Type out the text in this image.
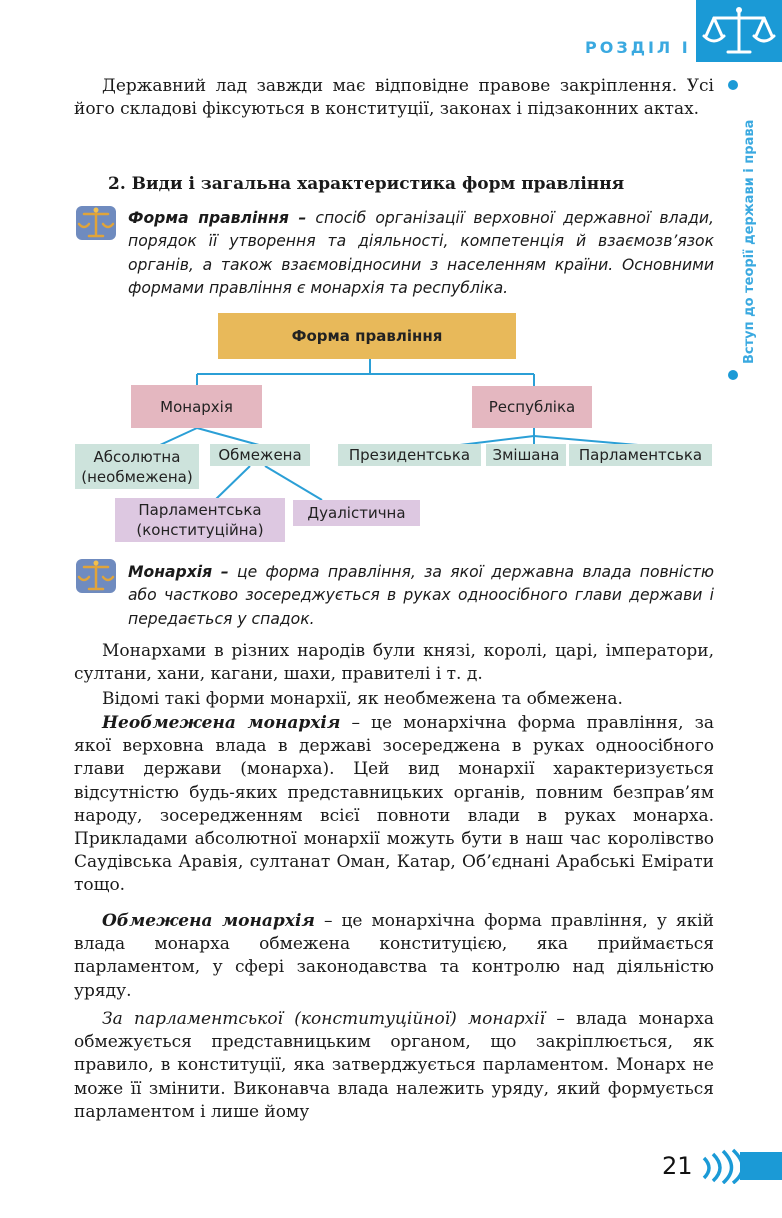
РОЗДІЛ І
Вступ до теорії держави і права

Державний лад завжди має відповідне правове закріплення. Усі його складові фіксуються в конституції, законах і підзаконних актах.

2. Види і загальна характеристика форм правління

Форма правління – спосіб організації верховної державної влади, порядок її утворення та діяльності, компетенція й взаємозв’язок органів, а також взаємовідносини з населенням країни. Основними формами правління є монархія та республіка.

Форма правління
Монархія	Республіка
Абсолютна (необмежена)
Обмежена
Парламентська (конституційна)
Дуалістична
Президентська	Змішана	Парламентська

Монархія – це форма правління, за якої державна влада повністю або частково зосереджується в руках одноосібного глави держави і передається у спадок.

Монархами в різних народів були князі, королі, царі, імператори, султани, хани, кагани, шахи, правителі і т. д.

Відомі такі форми монархії, як необмежена та обмежена.

Необмежена монархія – це монархічна форма правління, за якої верховна влада в державі зосереджена в руках одноосібного глави держави (монарха). Цей вид монархії характеризується відсутністю будь-яких представницьких органів, повним безправ’ям народу, зосередженням всієї повноти влади в руках монарха. Прикладами абсолютної монархії можуть бути в наш час королівство Саудівська Аравія, султанат Оман, Катар, Об’єднані Арабські Емірати тощо.

Обмежена монархія – це монархічна форма правління, у якій влада монарха обмежена конституцією, яка приймається парламентом, у сфері законодавства та контролю над діяльністю уряду.

За парламентської (конституційної) монархії – влада монарха обмежується представницьким органом, що закріплюється, як правило, в конституції, яка затверджується парламентом. Монарх не може її змінити. Виконавча влада належить уряду, який формується парламентом і лише йому

21
